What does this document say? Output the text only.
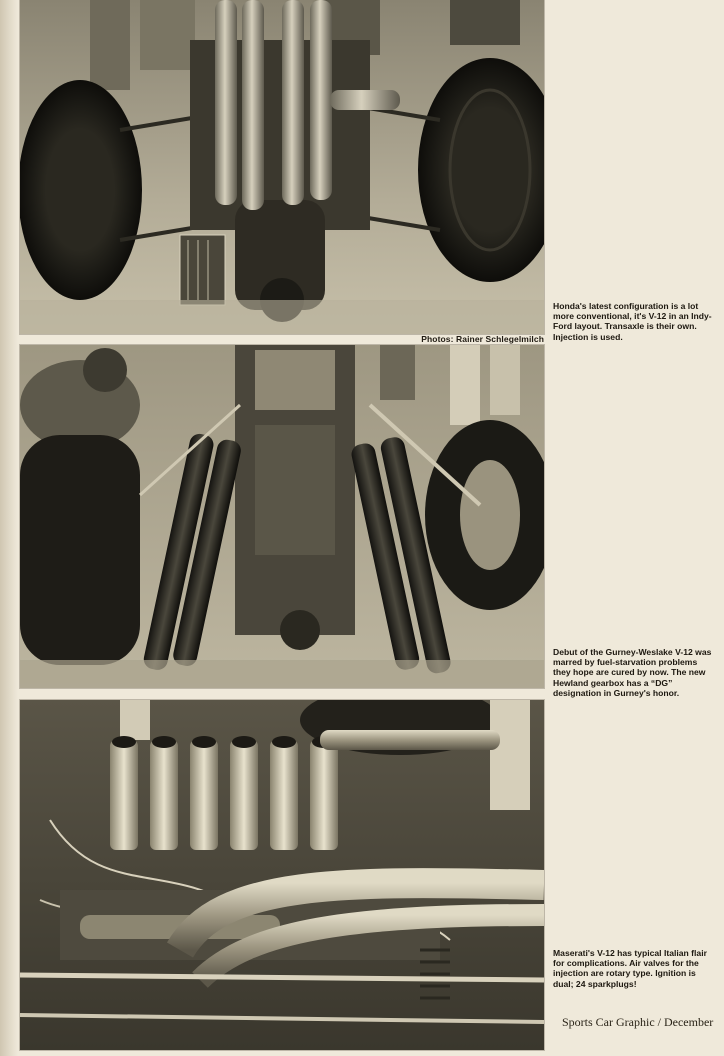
Photos: Rainer Schlegelmilch
Honda's latest configuration is a lot more conventional, it's V-12 in an Indy-Ford layout. Transaxle is their own. Injection is used.
Debut of the Gurney-Weslake V-12 was marred by fuel-starvation problems they hope are cured by now. The new Hewland gearbox has a “DG” designation in Gurney's honor.
Maserati's V-12 has typical Italian flair for complications. Air valves for the injection are rotary type. Ignition is dual; 24 sparkplugs!
Sports Car Graphic / December
